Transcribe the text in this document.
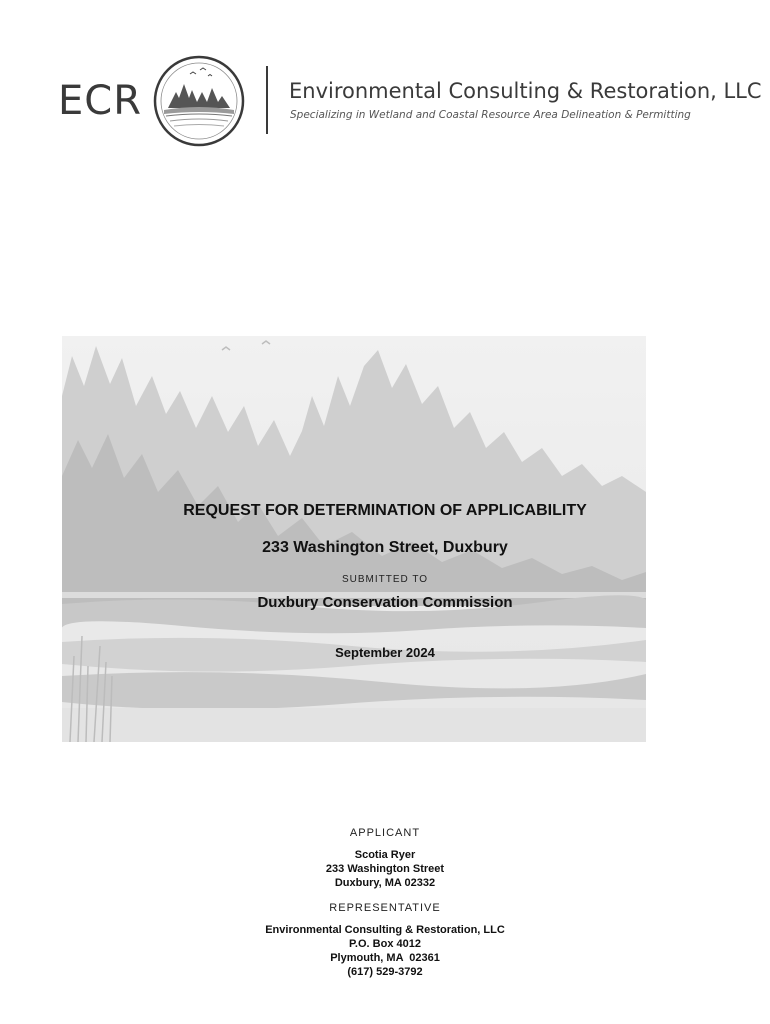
ECR	Environmental Consulting & Restoration, LLC
Specializing in Wetland and Coastal Resource Area Delineation & Permitting
REQUEST FOR DETERMINATION OF APPLICABILITY
233 Washington Street, Duxbury
SUBMITTED TO
Duxbury Conservation Commission
September 2024
APPLICANT
Scotia Ryer
233 Washington Street
Duxbury, MA 02332
REPRESENTATIVE
Environmental Consulting & Restoration, LLC
P.O. Box 4012
Plymouth, MA  02361
(617) 529-3792
